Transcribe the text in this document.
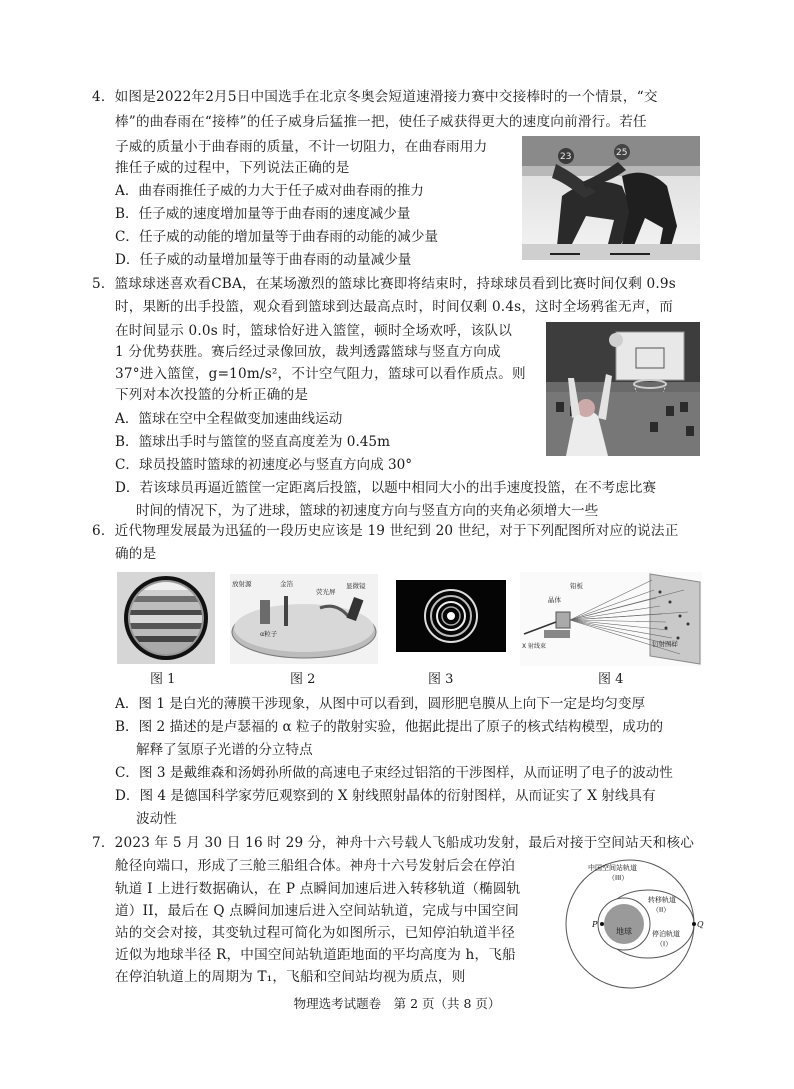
4．如图是2022年2月5日中国选手在北京冬奥会短道速滑接力赛中交接棒时的一个情景，“交
棒”的曲春雨在“接棒”的任子威身后猛推一把，使任子威获得更大的速度向前滑行。若任
子威的质量小于曲春雨的质量，不计一切阻力，在曲春雨用力
推任子威的过程中，下列说法正确的是
A．曲春雨推任子威的力大于任子威对曲春雨的推力
B．任子威的速度增加量等于曲春雨的速度减少量
C．任子威的动能的增加量等于曲春雨的动能的减少量
D．任子威的动量增加量等于曲春雨的动量减少量
23	25
5．篮球球迷喜欢看CBA，在某场激烈的篮球比赛即将结束时，持球球员看到比赛时间仅剩 0.9s
时，果断的出手投篮，观众看到篮球到达最高点时，时间仅剩 0.4s，这时全场鸦雀无声，而
在时间显示 0.0s 时，篮球恰好进入篮筐，顿时全场欢呼，该队以
1 分优势获胜。赛后经过录像回放，裁判透露篮球与竖直方向成
37°进入篮筐，g=10m/s²，不计空气阻力，篮球可以看作质点。则
下列对本次投篮的分析正确的是
A．篮球在空中全程做变加速曲线运动
B．篮球出手时与篮筐的竖直高度差为 0.45m
C．球员投篮时篮球的初速度必与竖直方向成 30°
D．若该球员再逼近篮筐一定距离后投篮，以题中相同大小的出手速度投篮，在不考虑比赛
时间的情况下，为了进球，篮球的初速度方向与竖直方向的夹角必须增大一些
6．近代物理发展最为迅猛的一段历史应该是 19 世纪到 20 世纪，对于下列配图所对应的说法正
确的是
图 1
放射源	金箔
荧光屏
显微镜
α粒子
图 2	图 3
晶体
铅板
X 射线束	衍射图样
图 4
A．图 1 是白光的薄膜干涉现象，从图中可以看到，圆形肥皂膜从上向下一定是均匀变厚
B．图 2 描述的是卢瑟福的 α 粒子的散射实验，他据此提出了原子的核式结构模型，成功的
解释了氢原子光谱的分立特点
C．图 3 是戴维森和汤姆孙所做的高速电子束经过铝箔的干涉图样，从而证明了电子的波动性
D．图 4 是德国科学家劳厄观察到的 X 射线照射晶体的衍射图样，从而证实了 X 射线具有
波动性
7．2023 年 5 月 30 日 16 时 29 分，神舟十六号载人飞船成功发射，最后对接于空间站天和核心
舱径向端口，形成了三舱三船组合体。神舟十六号发射后会在停泊
轨道 I 上进行数据确认，在 P 点瞬间加速后进入转移轨道（椭圆轨
道）II，最后在 Q 点瞬间加速后进入空间站轨道，完成与中国空间
站的交会对接，其变轨过程可简化为如图所示，已知停泊轨道半径
近似为地球半径 R，中国空间站轨道距地面的平均高度为 h，飞船
在停泊轨道上的周期为 T₁，飞船和空间站均视为质点，则
地球
中国空间站轨道
（III）
转移轨道
（II）
停泊轨道
（I）
P	Q
物理选考试题卷　第 2 页（共 8 页）
